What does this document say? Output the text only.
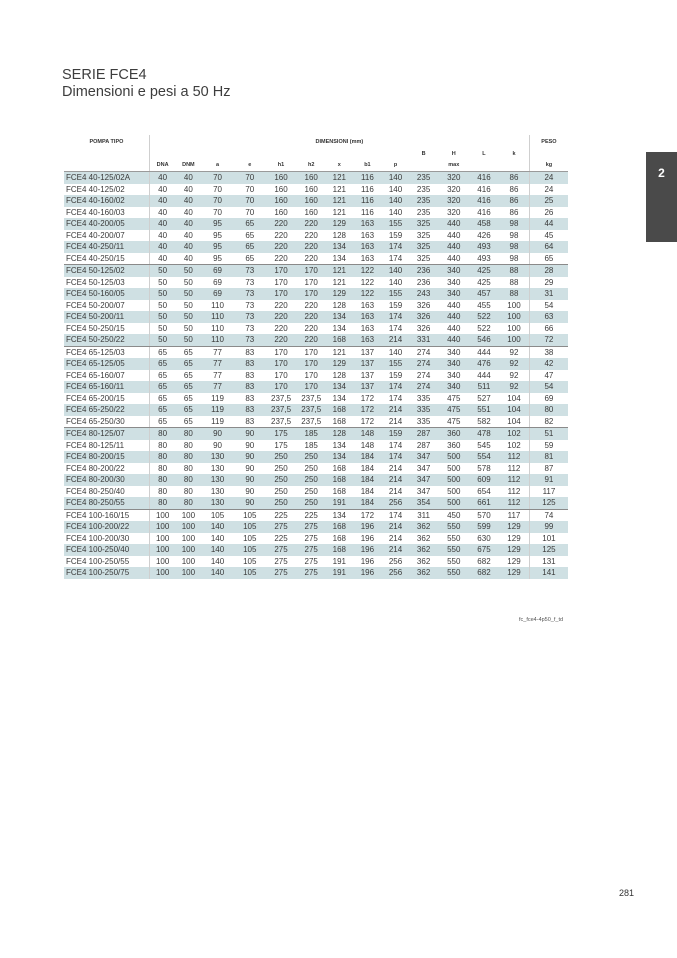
SERIE FCE4
Dimensioni e pesi a 50 Hz
2
POMPA TIPO	DIMENSIONI (mm)													PESO
										B	H	L	k	
	DNA	DNM	a	e	h1	h2	x	b1	p		max			kg
FCE4 40-125/02A	40	40	70	70	160	160	121	116	140	235	320	416	86	24
FCE4 40-125/02	40	40	70	70	160	160	121	116	140	235	320	416	86	24
FCE4 40-160/02	40	40	70	70	160	160	121	116	140	235	320	416	86	25
FCE4 40-160/03	40	40	70	70	160	160	121	116	140	235	320	416	86	26
FCE4 40-200/05	40	40	95	65	220	220	129	163	155	325	440	458	98	44
FCE4 40-200/07	40	40	95	65	220	220	128	163	159	325	440	426	98	45
FCE4 40-250/11	40	40	95	65	220	220	134	163	174	325	440	493	98	64
FCE4 40-250/15	40	40	95	65	220	220	134	163	174	325	440	493	98	65
FCE4 50-125/02	50	50	69	73	170	170	121	122	140	236	340	425	88	28
FCE4 50-125/03	50	50	69	73	170	170	121	122	140	236	340	425	88	29
FCE4 50-160/05	50	50	69	73	170	170	129	122	155	243	340	457	88	31
FCE4 50-200/07	50	50	110	73	220	220	128	163	159	326	440	455	100	54
FCE4 50-200/11	50	50	110	73	220	220	134	163	174	326	440	522	100	63
FCE4 50-250/15	50	50	110	73	220	220	134	163	174	326	440	522	100	66
FCE4 50-250/22	50	50	110	73	220	220	168	163	214	331	440	546	100	72
FCE4 65-125/03	65	65	77	83	170	170	121	137	140	274	340	444	92	38
FCE4 65-125/05	65	65	77	83	170	170	129	137	155	274	340	476	92	42
FCE4 65-160/07	65	65	77	83	170	170	128	137	159	274	340	444	92	47
FCE4 65-160/11	65	65	77	83	170	170	134	137	174	274	340	511	92	54
FCE4 65-200/15	65	65	119	83	237,5	237,5	134	172	174	335	475	527	104	69
FCE4 65-250/22	65	65	119	83	237,5	237,5	168	172	214	335	475	551	104	80
FCE4 65-250/30	65	65	119	83	237,5	237,5	168	172	214	335	475	582	104	82
FCE4 80-125/07	80	80	90	90	175	185	128	148	159	287	360	478	102	51
FCE4 80-125/11	80	80	90	90	175	185	134	148	174	287	360	545	102	59
FCE4 80-200/15	80	80	130	90	250	250	134	184	174	347	500	554	112	81
FCE4 80-200/22	80	80	130	90	250	250	168	184	214	347	500	578	112	87
FCE4 80-200/30	80	80	130	90	250	250	168	184	214	347	500	609	112	91
FCE4 80-250/40	80	80	130	90	250	250	168	184	214	347	500	654	112	117
FCE4 80-250/55	80	80	130	90	250	250	191	184	256	354	500	661	112	125
FCE4 100-160/15	100	100	105	105	225	225	134	172	174	311	450	570	117	74
FCE4 100-200/22	100	100	140	105	275	275	168	196	214	362	550	599	129	99
FCE4 100-200/30	100	100	140	105	225	275	168	196	214	362	550	630	129	101
FCE4 100-250/40	100	100	140	105	275	275	168	196	214	362	550	675	129	125
FCE4 100-250/55	100	100	140	105	275	275	191	196	256	362	550	682	129	131
FCE4 100-250/75	100	100	140	105	275	275	191	196	256	362	550	682	129	141
fc_fce4-4p50_f_td
281
